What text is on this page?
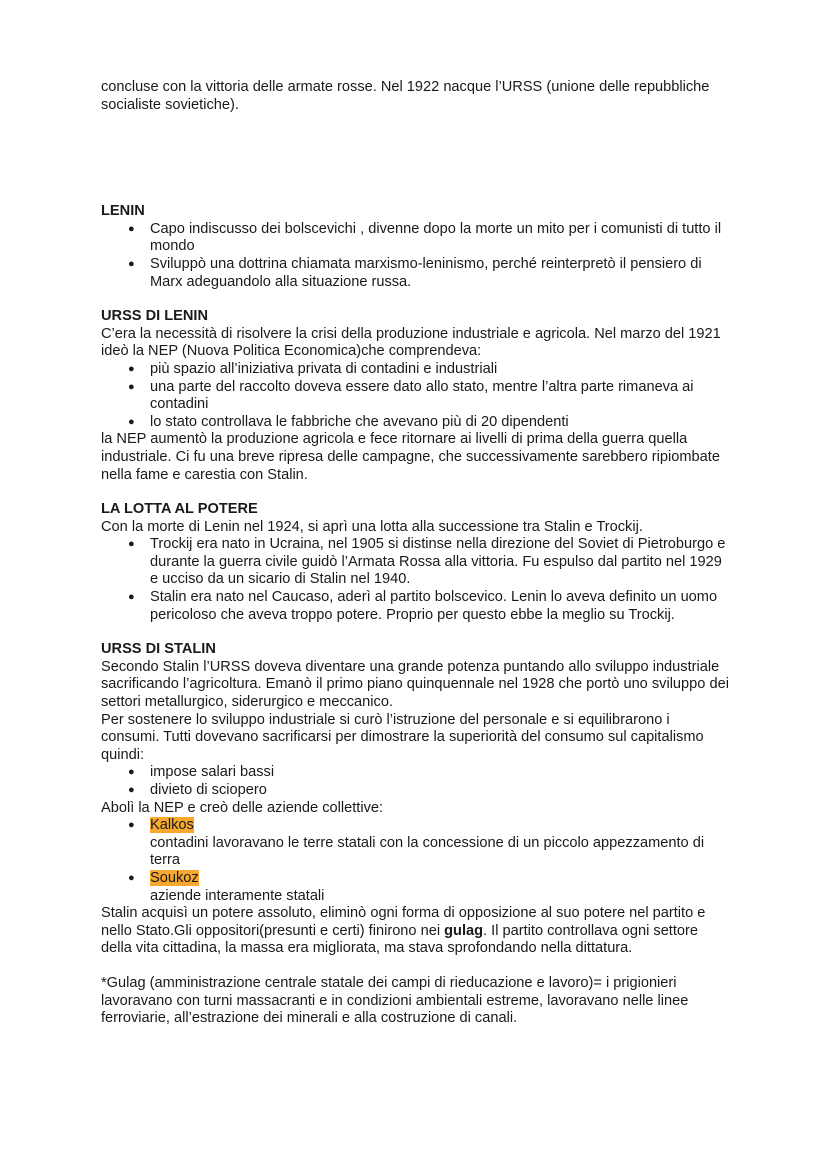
concluse con la vittoria delle armate rosse. Nel 1922 nacque l’URSS (unione delle repubbliche socialiste sovietiche).

LENIN
● Capo indiscusso dei bolscevichi , divenne dopo la morte un mito per i comunisti di tutto il mondo
● Sviluppò una dottrina chiamata marxismo-leninismo, perché reinterpretò il pensiero di Marx adeguandolo alla situazione russa.
URSS DI LENIN

C’era la necessità di risolvere la crisi della produzione industriale e agricola. Nel marzo del 1921 ideò la NEP (Nuova Politica Economica)che comprendeva:

● più spazio all’iniziativa privata di contadini e industriali
● una parte del raccolto doveva essere dato allo stato, mentre l’altra parte rimaneva ai contadini
● lo stato controllava le fabbriche che avevano più di 20 dipendenti

la NEP aumentò la produzione agricola e fece ritornare ai livelli di prima della guerra quella industriale. Ci fu una breve ripresa delle campagne, che successivamente sarebbero ripiombate nella fame e carestia con Stalin.

LA LOTTA AL POTERE

Con la morte di Lenin nel 1924, si aprì una lotta alla successione tra Stalin e Trockij.

● Trockij era nato in Ucraina, nel 1905 si distinse nella direzione del Soviet di Pietroburgo e durante la guerra civile guidò l’Armata Rossa alla vittoria. Fu espulso dal partito nel 1929 e ucciso da un sicario di Stalin nel 1940.
● Stalin era nato nel Caucaso, aderì al partito bolscevico. Lenin lo aveva definito un uomo pericoloso che aveva troppo potere. Proprio per questo ebbe la meglio su Trockij.
URSS DI STALIN

Secondo Stalin l’URSS doveva diventare una grande potenza puntando allo sviluppo industriale sacrificando l’agricoltura. Emanò il primo piano quinquennale nel 1928 che portò uno sviluppo dei settori metallurgico, siderurgico e meccanico.

Per sostenere lo sviluppo industriale si curò l’istruzione del personale e si equilibrarono i consumi. Tutti dovevano sacrificarsi per dimostrare la superiorità del consumo sul capitalismo quindi:

● impose salari bassi
● divieto di sciopero

Abolì la NEP e creò delle aziende collettive:

● Kalkos
contadini lavoravano le terre statali con la concessione di un piccolo appezzamento di terra
● Soukoz
aziende interamente statali

Stalin acquisì un potere assoluto, eliminò ogni forma di opposizione al suo potere nel partito e nello Stato.Gli oppositori(presunti e certi) finirono nei gulag. Il partito controllava ogni settore della vita cittadina, la massa era migliorata, ma stava sprofondando nella dittatura.

*Gulag (amministrazione centrale statale dei campi di rieducazione e lavoro)= i prigionieri lavoravano con turni massacranti e in condizioni ambientali estreme, lavoravano nelle linee ferroviarie, all’estrazione dei minerali e alla costruzione di canali.
